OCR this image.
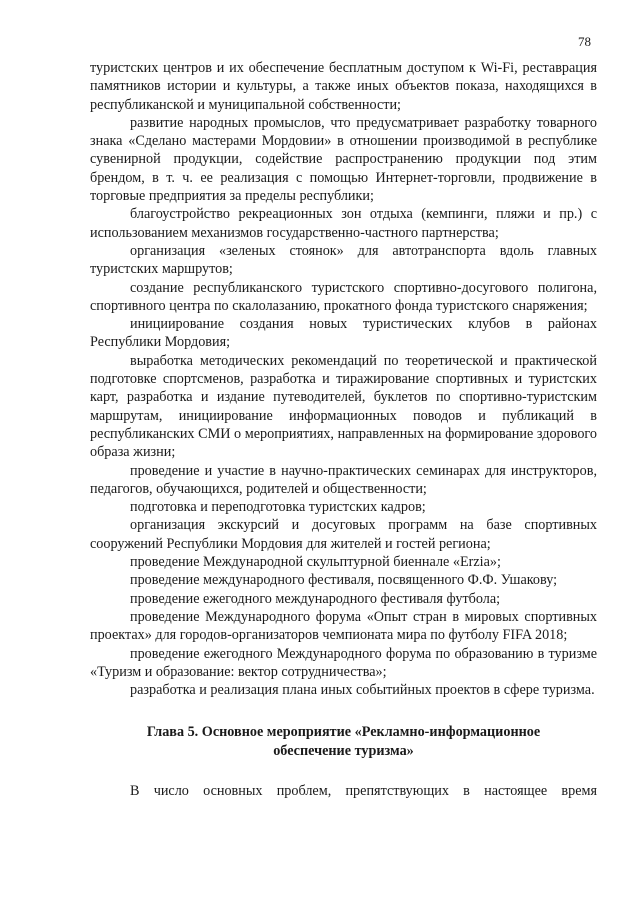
78

туристских центров и их обеспечение бесплатным доступом к Wi-Fi, реставрация памятников истории и культуры, а также иных объектов показа, находящихся в республиканской и муниципальной собственности;

развитие народных промыслов, что предусматривает разработку товарного знака «Сделано мастерами Мордовии» в отношении производимой в республике сувенирной продукции, содействие распространению продукции под этим брендом, в т. ч. ее реализация с помощью Интернет-торговли, продвижение в торговые предприятия за пределы республики;

благоустройство рекреационных зон отдыха (кемпинги, пляжи и пр.) с использованием механизмов государственно-частного партнерства;

организация «зеленых стоянок» для автотранспорта вдоль главных туристских маршрутов;

создание республиканского туристского спортивно-досугового полигона, спортивного центра по скалолазанию, прокатного фонда туристского снаряжения;

инициирование создания новых туристических клубов в районах Республики Мордовия;

выработка методических рекомендаций по теоретической и практической подготовке спортсменов, разработка и тиражирование спортивных и туристских карт, разработка и издание путеводителей, буклетов по спортивно-туристским маршрутам, инициирование информационных поводов и публикаций в республиканских СМИ о мероприятиях, направленных на формирование здорового образа жизни;

проведение и участие в научно-практических семинарах для инструкторов, педагогов, обучающихся, родителей и общественности;

подготовка и переподготовка туристских кадров;

организация экскурсий и досуговых программ на базе спортивных сооружений Республики Мордовия для жителей и гостей региона;

проведение Международной скульптурной биеннале «Erzia»;

проведение международного фестиваля, посвященного Ф.Ф. Ушакову;

проведение ежегодного международного фестиваля футбола;

проведение Международного форума «Опыт стран в мировых спортивных проектах» для городов-организаторов чемпионата мира по футболу FIFA 2018;

проведение ежегодного Международного форума по образованию в туризме «Туризм и образование: вектор сотрудничества»;

разработка и реализация плана иных событийных проектов в сфере туризма.

Глава 5. Основное мероприятие «Рекламно-информационное
обеспечение туризма»

В число основных проблем, препятствующих в настоящее время
